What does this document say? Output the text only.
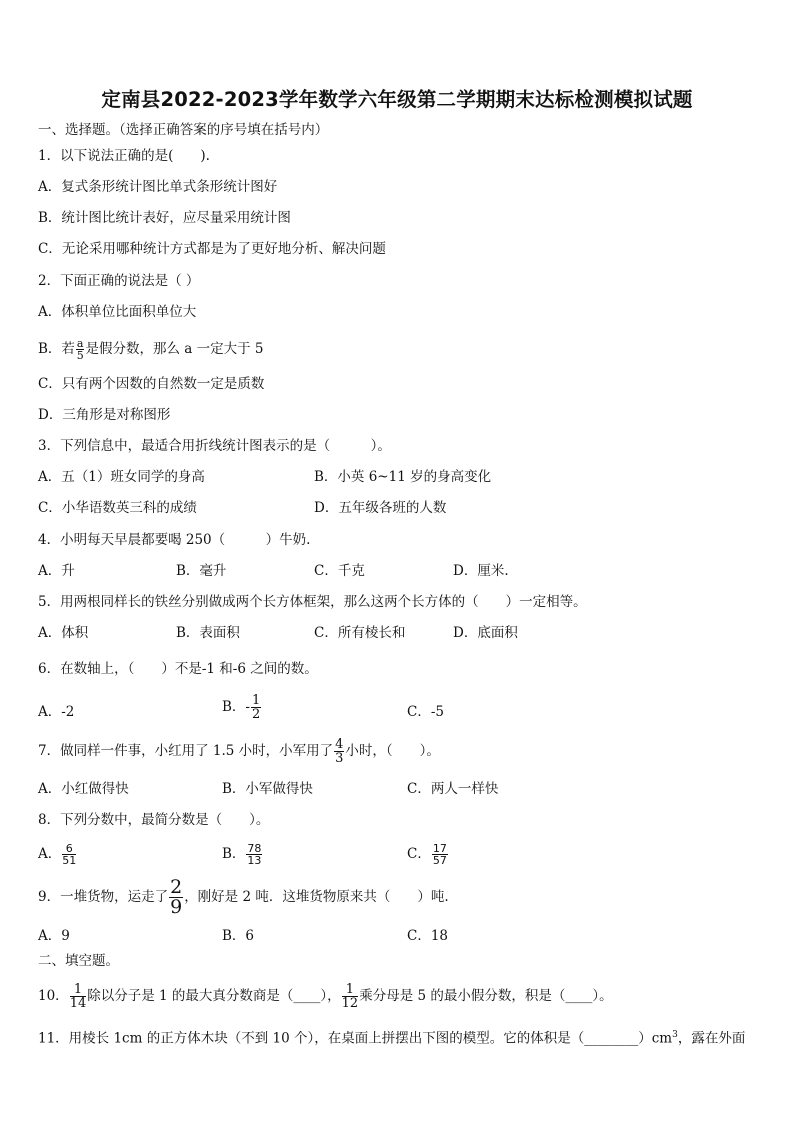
定南县2022-2023学年数学六年级第二学期期末达标检测模拟试题
一、选择题。（选择正确答案的序号填在括号内）
1．以下说法正确的是(　　).
A．复式条形统计图比单式条形统计图好
B．统计图比统计表好，应尽量采用统计图
C．无论采用哪种统计方式都是为了更好地分析、解决问题
2．下面正确的说法是（ ）
A．体积单位比面积单位大
B．若 $\frac{a}{5}$ 是假分数，那么 a 一定大于 5
C．只有两个因数的自然数一定是质数
D．三角形是对称图形
3．下列信息中，最适合用折线统计图表示的是（　　　）。
A．五（1）班女同学的身高	B．小英 6~11 岁的身高变化
C．小华语数英三科的成绩	D．五年级各班的人数
4．小明每天早晨都要喝 250（　　　）牛奶.
A．升	B．毫升	C．千克	D．厘米.
5．用两根同样长的铁丝分别做成两个长方体框架，那么这两个长方体的（　　）一定相等。
A．体积	B．表面积	C．所有棱长和	D．底面积
6．在数轴上，（　　）不是-1 和-6 之间的数。
A．-2	B．- $\frac{1}{2}$	C．-5
7．做同样一件事，小红用了 1.5 小时，小军用了 $\frac{4}{3}$ 小时，（　　）。
A．小红做得快	B．小军做得快	C．两人一样快
8．下列分数中，最简分数是（　　）。
A． $\frac{6}{51}$	B． $\frac{78}{13}$	C． $\frac{17}{57}$
9．一堆货物，运走了 $\frac{2}{9}$ ，刚好是 2 吨．这堆货物原来共（　　）吨.
A．9	B．6	C．18
二、填空题。
10． $\frac{1}{14}$ 除以分子是 1 的最大真分数商是（____）， $\frac{1}{12}$ 乘分母是 5 的最小假分数，积是（____）。
11．用棱长 1cm 的正方体木块（不到 10 个），在桌面上拼摆出下图的模型。它的体积是$(\_\_\_\_\_\_\_\_)cm^3$，露在外面
